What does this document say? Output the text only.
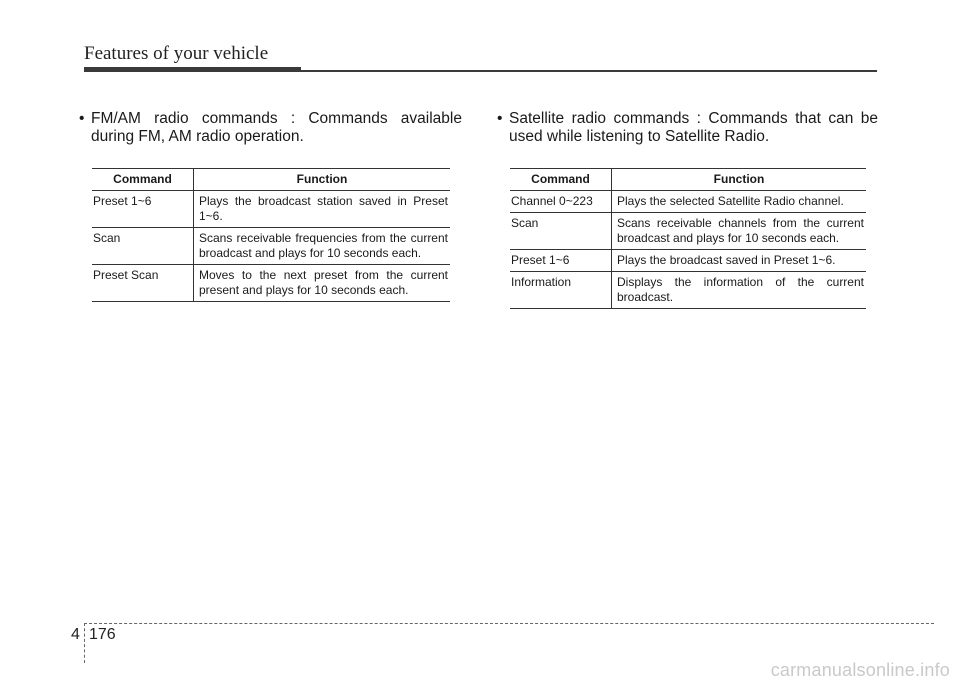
Features of your vehicle

• FM/AM radio commands : Commands available during FM, AM radio operation.

Command	Function
Preset 1~6	Plays the broadcast station saved in Preset 1~6.
Scan	Scans receivable frequencies from the current broadcast and plays for 10 seconds each.
Preset Scan	Moves to the next preset from the current present and plays for 10 seconds each.

• Satellite radio commands : Commands that can be used while listening to Satellite Radio.

Command	Function
Channel 0~223	Plays the selected Satellite Radio channel.
Scan	Scans receivable channels from the current broadcast and plays for 10 seconds each.
Preset 1~6	Plays the broadcast saved in Preset 1~6.
Information	Displays the information of the current broadcast.
4 176
carmanualsonline.info
